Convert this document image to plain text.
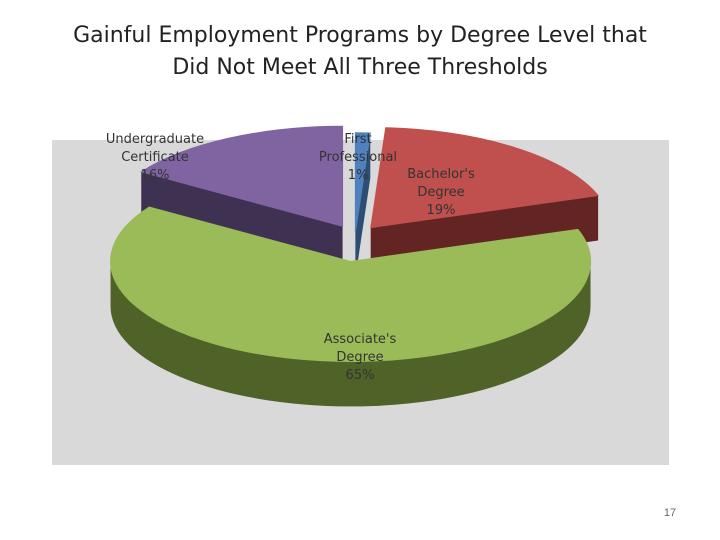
Gainful Employment Programs by Degree Level that
Did Not Meet All Three Thresholds
First Professional 1%	Bachelor's Degree 19%
Associate's Degree 65%
Undergraduate Certificate 16%
17
